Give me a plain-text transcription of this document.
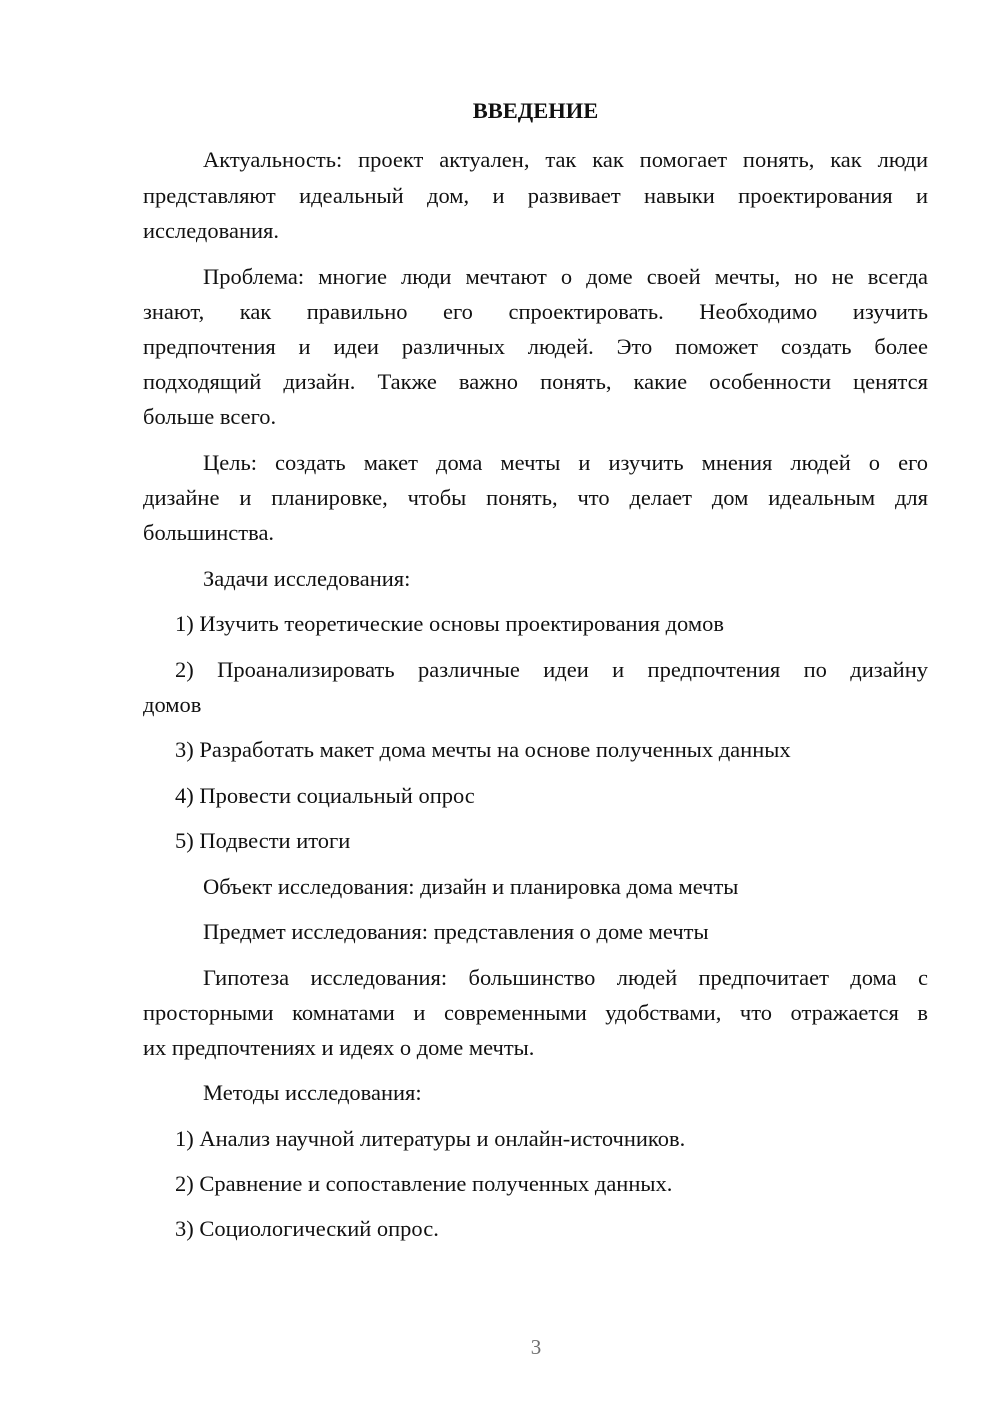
ВВЕДЕНИЕ
Актуальность: проект актуален, так как помогает понять, как люди
представляют идеальный дом, и развивает навыки проектирования и
исследования.
Проблема: многие люди мечтают о доме своей мечты, но не всегда
знают, как правильно его спроектировать. Необходимо изучить
предпочтения и идеи различных людей. Это поможет создать более
подходящий дизайн. Также важно понять, какие особенности ценятся
больше всего.
Цель: создать макет дома мечты и изучить мнения людей о его
дизайне и планировке, чтобы понять, что делает дом идеальным для
большинства.
Задачи исследования:
1) Изучить теоретические основы проектирования домов
2) Проанализировать различные идеи и предпочтения по дизайну
домов
3) Разработать макет дома мечты на основе полученных данных
4) Провести социальный опрос
5) Подвести итоги
Объект исследования: дизайн и планировка дома мечты
Предмет исследования: представления о доме мечты
Гипотеза исследования: большинство людей предпочитает дома с
просторными комнатами и современными удобствами, что отражается в
их предпочтениях и идеях о доме мечты.
Методы исследования:
1) Анализ научной литературы и онлайн-источников.
2) Сравнение и сопоставление полученных данных.
3) Социологический опрос.
3
